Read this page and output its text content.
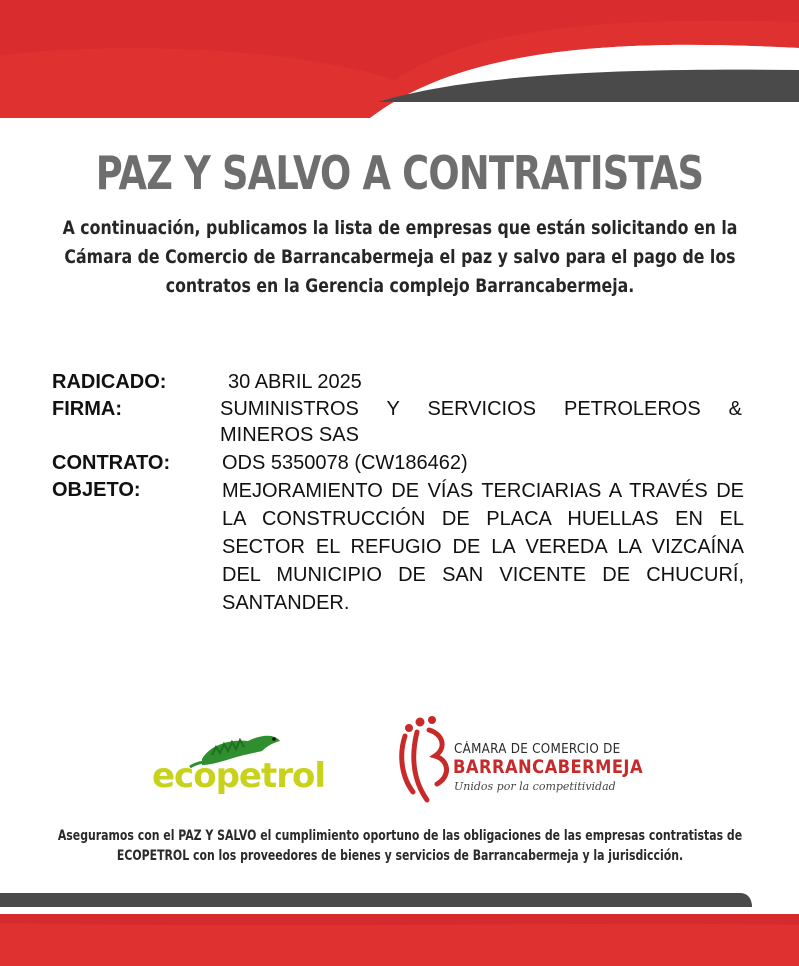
PAZ Y SALVO A CONTRATISTAS
A continuación, publicamos la lista de empresas que están solicitando en la Cámara de Comercio de Barrancabermeja el paz y salvo para el pago de los contratos en la Gerencia complejo Barrancabermeja.
RADICADO:	30 ABRIL 2025
FIRMA:	SUMINISTROS Y SERVICIOS PETROLEROS & MINEROS SAS
CONTRATO:	ODS 5350078 (CW186462)
OBJETO:	MEJORAMIENTO DE VÍAS TERCIARIAS A TRAVÉS DE LA CONSTRUCCIÓN DE PLACA HUELLAS EN EL SECTOR EL REFUGIO DE LA VEREDA LA VIZCAÍNA DEL MUNICIPIO DE SAN VICENTE DE CHUCURÍ, SANTANDER.
ecopetrol
CÁMARA DE COMERCIO DE
BARRANCABERMEJA
Unidos por la competitividad
Aseguramos con el PAZ Y SALVO el cumplimiento oportuno de las obligaciones de las empresas contratistas de ECOPETROL con los proveedores de bienes y servicios de Barrancabermeja y la jurisdicción.
